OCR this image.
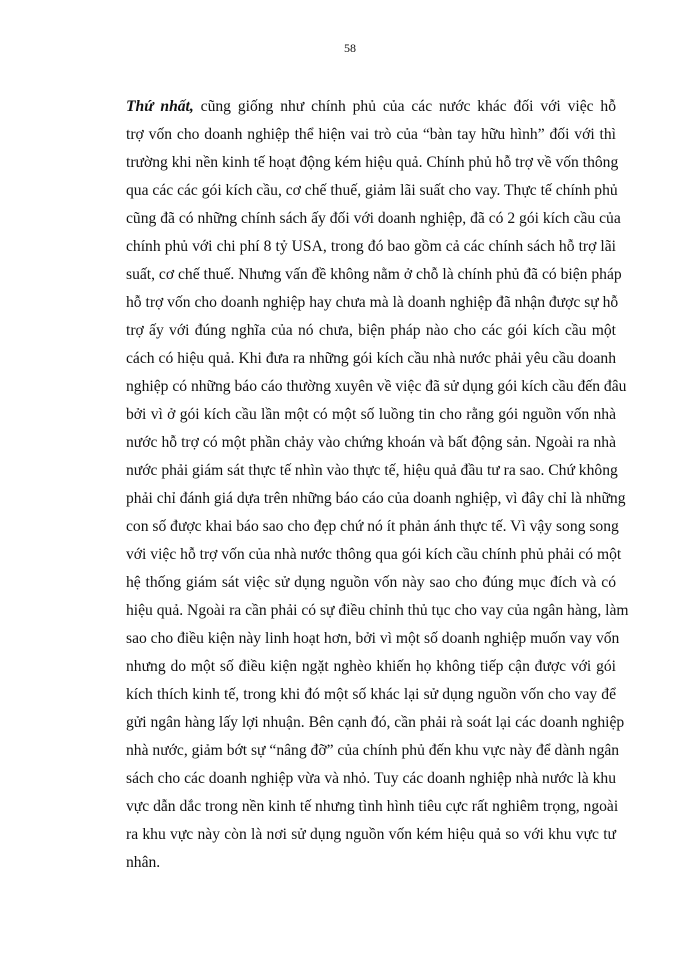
58
Thứ nhất, cũng giống như chính phủ của các nước khác đối với việc hỗ
trợ vốn cho doanh nghiệp thể hiện vai trò của “bàn tay hữu hình” đối với thì
trường khi nền kinh tế hoạt động kém hiệu quả. Chính phủ hỗ trợ về vốn thông
qua các các gói kích cầu, cơ chế thuế, giảm lãi suất cho vay. Thực tế chính phủ
cũng đã có những chính sách ấy đối với doanh nghiệp, đã có 2 gói kích cầu của
chính phủ với chi phí 8 tỷ USA, trong đó bao gồm cả các chính sách hỗ trợ lãi
suất, cơ chế thuế. Nhưng vấn đề không nằm ở chỗ là chính phủ đã có biện pháp
hỗ trợ vốn cho doanh nghiệp hay chưa mà là doanh nghiệp đã nhận được sự hỗ
trợ ấy với đúng nghĩa của nó chưa, biện pháp nào cho các gói kích cầu một
cách có hiệu quả. Khi đưa ra những gói kích cầu nhà nước phải yêu cầu doanh
nghiệp có những báo cáo thường xuyên về việc đã sử dụng gói kích cầu đến đâu
bởi vì ở gói kích cầu lần một có một số luồng tin cho rằng gói nguồn vốn nhà
nước hỗ trợ có một phần chảy vào chứng khoán và bất động sản. Ngoài ra nhà
nước phải giám sát thực tế nhìn vào thực tế, hiệu quả đầu tư ra sao. Chứ không
phải chỉ đánh giá dựa trên những báo cáo của doanh nghiệp, vì đây chỉ là những
con số được khai báo sao cho đẹp chứ nó ít phản ánh thực tế. Vì vậy song song
với việc hỗ trợ vốn của nhà nước thông qua gói kích cầu chính phủ phải có một
hệ thống giám sát việc sử dụng nguồn vốn này sao cho đúng mục đích và có
hiệu quả. Ngoài ra cần phải có sự điều chỉnh thủ tục cho vay của ngân hàng, làm
sao cho điều kiện này linh hoạt hơn, bởi vì một số doanh nghiệp muốn vay vốn
nhưng do một số điều kiện ngặt nghèo khiến họ không tiếp cận được với gói
kích thích kinh tế, trong khi đó một số khác lại sử dụng nguồn vốn cho vay để
gửi ngân hàng lấy lợi nhuận. Bên cạnh đó, cần phải rà soát lại các doanh nghiệp
nhà nước, giảm bớt sự “nâng đỡ” của chính phủ đến khu vực này để dành ngân
sách cho các doanh nghiệp vừa và nhỏ. Tuy các doanh nghiệp nhà nước là khu
vực dẫn dắc trong nền kinh tế nhưng tình hình tiêu cực rất nghiêm trọng, ngoài
ra khu vực này còn là nơi sử dụng nguồn vốn kém hiệu quả so với khu vực tư
nhân.
